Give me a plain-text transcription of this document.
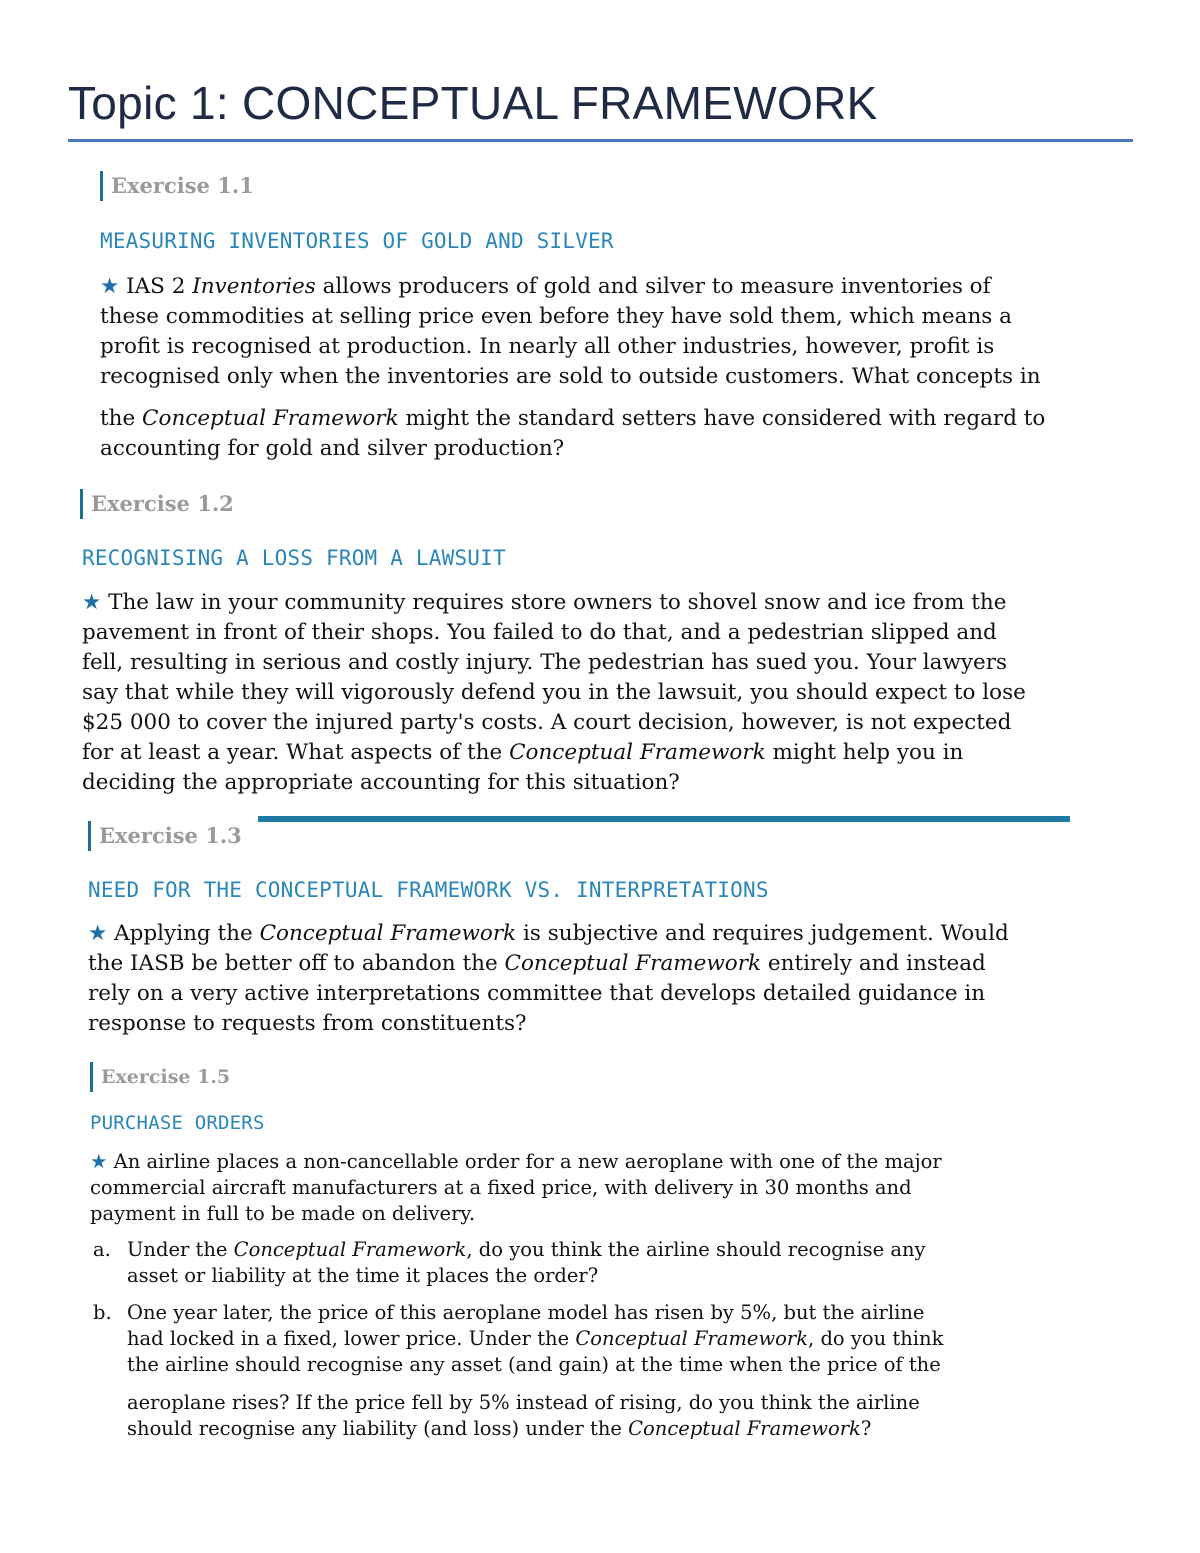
Topic 1: CONCEPTUAL FRAMEWORK
Exercise 1.1
MEASURING INVENTORIES OF GOLD AND SILVER
★ IAS 2 Inventories allows producers of gold and silver to measure inventories of
these commodities at selling price even before they have sold them, which means a
profit is recognised at production. In nearly all other industries, however, profit is
recognised only when the inventories are sold to outside customers. What concepts in
the Conceptual Framework might the standard setters have considered with regard to
accounting for gold and silver production?
Exercise 1.2
RECOGNISING A LOSS FROM A LAWSUIT
★ The law in your community requires store owners to shovel snow and ice from the
pavement in front of their shops. You failed to do that, and a pedestrian slipped and
fell, resulting in serious and costly injury. The pedestrian has sued you. Your lawyers
say that while they will vigorously defend you in the lawsuit, you should expect to lose
$25 000 to cover the injured party's costs. A court decision, however, is not expected
for at least a year. What aspects of the Conceptual Framework might help you in
deciding the appropriate accounting for this situation?
Exercise 1.3
NEED FOR THE CONCEPTUAL FRAMEWORK VS. INTERPRETATIONS
★ Applying the Conceptual Framework is subjective and requires judgement. Would
the IASB be better off to abandon the Conceptual Framework entirely and instead
rely on a very active interpretations committee that develops detailed guidance in
response to requests from constituents?
Exercise 1.5
PURCHASE ORDERS
★ An airline places a non-cancellable order for a new aeroplane with one of the major
commercial aircraft manufacturers at a fixed price, with delivery in 30 months and
payment in full to be made on delivery.
a. Under the Conceptual Framework, do you think the airline should recognise any
asset or liability at the time it places the order?
b. One year later, the price of this aeroplane model has risen by 5%, but the airline
had locked in a fixed, lower price. Under the Conceptual Framework, do you think
the airline should recognise any asset (and gain) at the time when the price of the
aeroplane rises? If the price fell by 5% instead of rising, do you think the airline
should recognise any liability (and loss) under the Conceptual Framework?
